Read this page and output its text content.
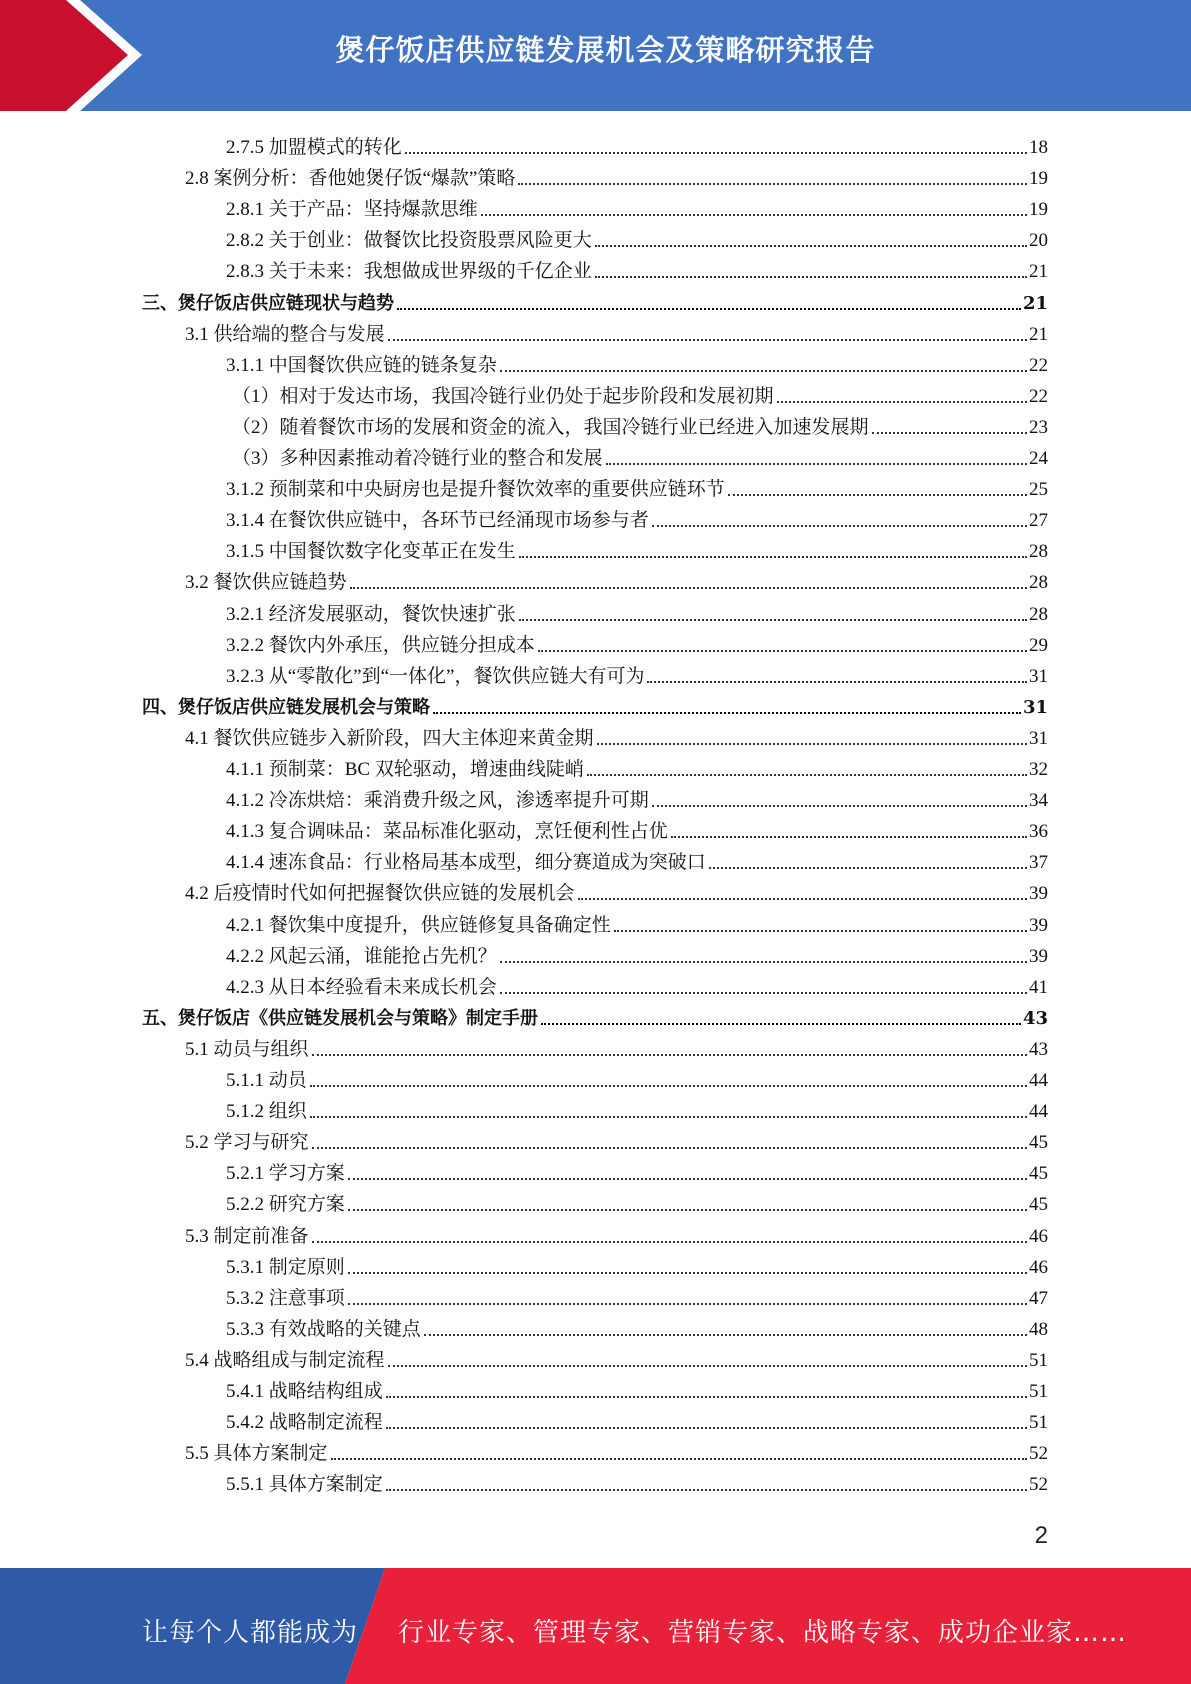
煲仔饭店供应链发展机会及策略研究报告
2.7.5 加盟模式的转化	18
2.8 案例分析：香他她煲仔饭“爆款”策略	19
2.8.1 关于产品：坚持爆款思维	19
2.8.2 关于创业：做餐饮比投资股票风险更大	20
2.8.3 关于未来：我想做成世界级的千亿企业	21
三、煲仔饭店供应链现状与趋势	21
3.1 供给端的整合与发展	21
3.1.1 中国餐饮供应链的链条复杂	22
（1）相对于发达市场，我国冷链行业仍处于起步阶段和发展初期	22
（2）随着餐饮市场的发展和资金的流入，我国冷链行业已经进入加速发展期	23
（3）多种因素推动着冷链行业的整合和发展	24
3.1.2 预制菜和中央厨房也是提升餐饮效率的重要供应链环节	25
3.1.4 在餐饮供应链中，各环节已经涌现市场参与者	27
3.1.5 中国餐饮数字化变革正在发生	28
3.2 餐饮供应链趋势	28
3.2.1 经济发展驱动，餐饮快速扩张	28
3.2.2 餐饮内外承压，供应链分担成本	29
3.2.3 从“零散化”到“一体化”，餐饮供应链大有可为	31
四、煲仔饭店供应链发展机会与策略	31
4.1 餐饮供应链步入新阶段，四大主体迎来黄金期	31
4.1.1 预制菜：BC 双轮驱动，增速曲线陡峭	32
4.1.2 冷冻烘焙：乘消费升级之风，渗透率提升可期	34
4.1.3 复合调味品：菜品标准化驱动，烹饪便利性占优	36
4.1.4 速冻食品：行业格局基本成型，细分赛道成为突破口	37
4.2 后疫情时代如何把握餐饮供应链的发展机会	39
4.2.1 餐饮集中度提升，供应链修复具备确定性	39
4.2.2 风起云涌，谁能抢占先机？	39
4.2.3 从日本经验看未来成长机会	41
五、煲仔饭店《供应链发展机会与策略》制定手册	43
5.1 动员与组织	43
5.1.1 动员	44
5.1.2 组织	44
5.2 学习与研究	45
5.2.1 学习方案	45
5.2.2 研究方案	45
5.3 制定前准备	46
5.3.1 制定原则	46
5.3.2 注意事项	47
5.3.3 有效战略的关键点	48
5.4 战略组成与制定流程	51
5.4.1 战略结构组成	51
5.4.2 战略制定流程	51
5.5 具体方案制定	52
5.5.1 具体方案制定	52
2
让每个人都能成为 行业专家、管理专家、营销专家、战略专家、成功企业家……
